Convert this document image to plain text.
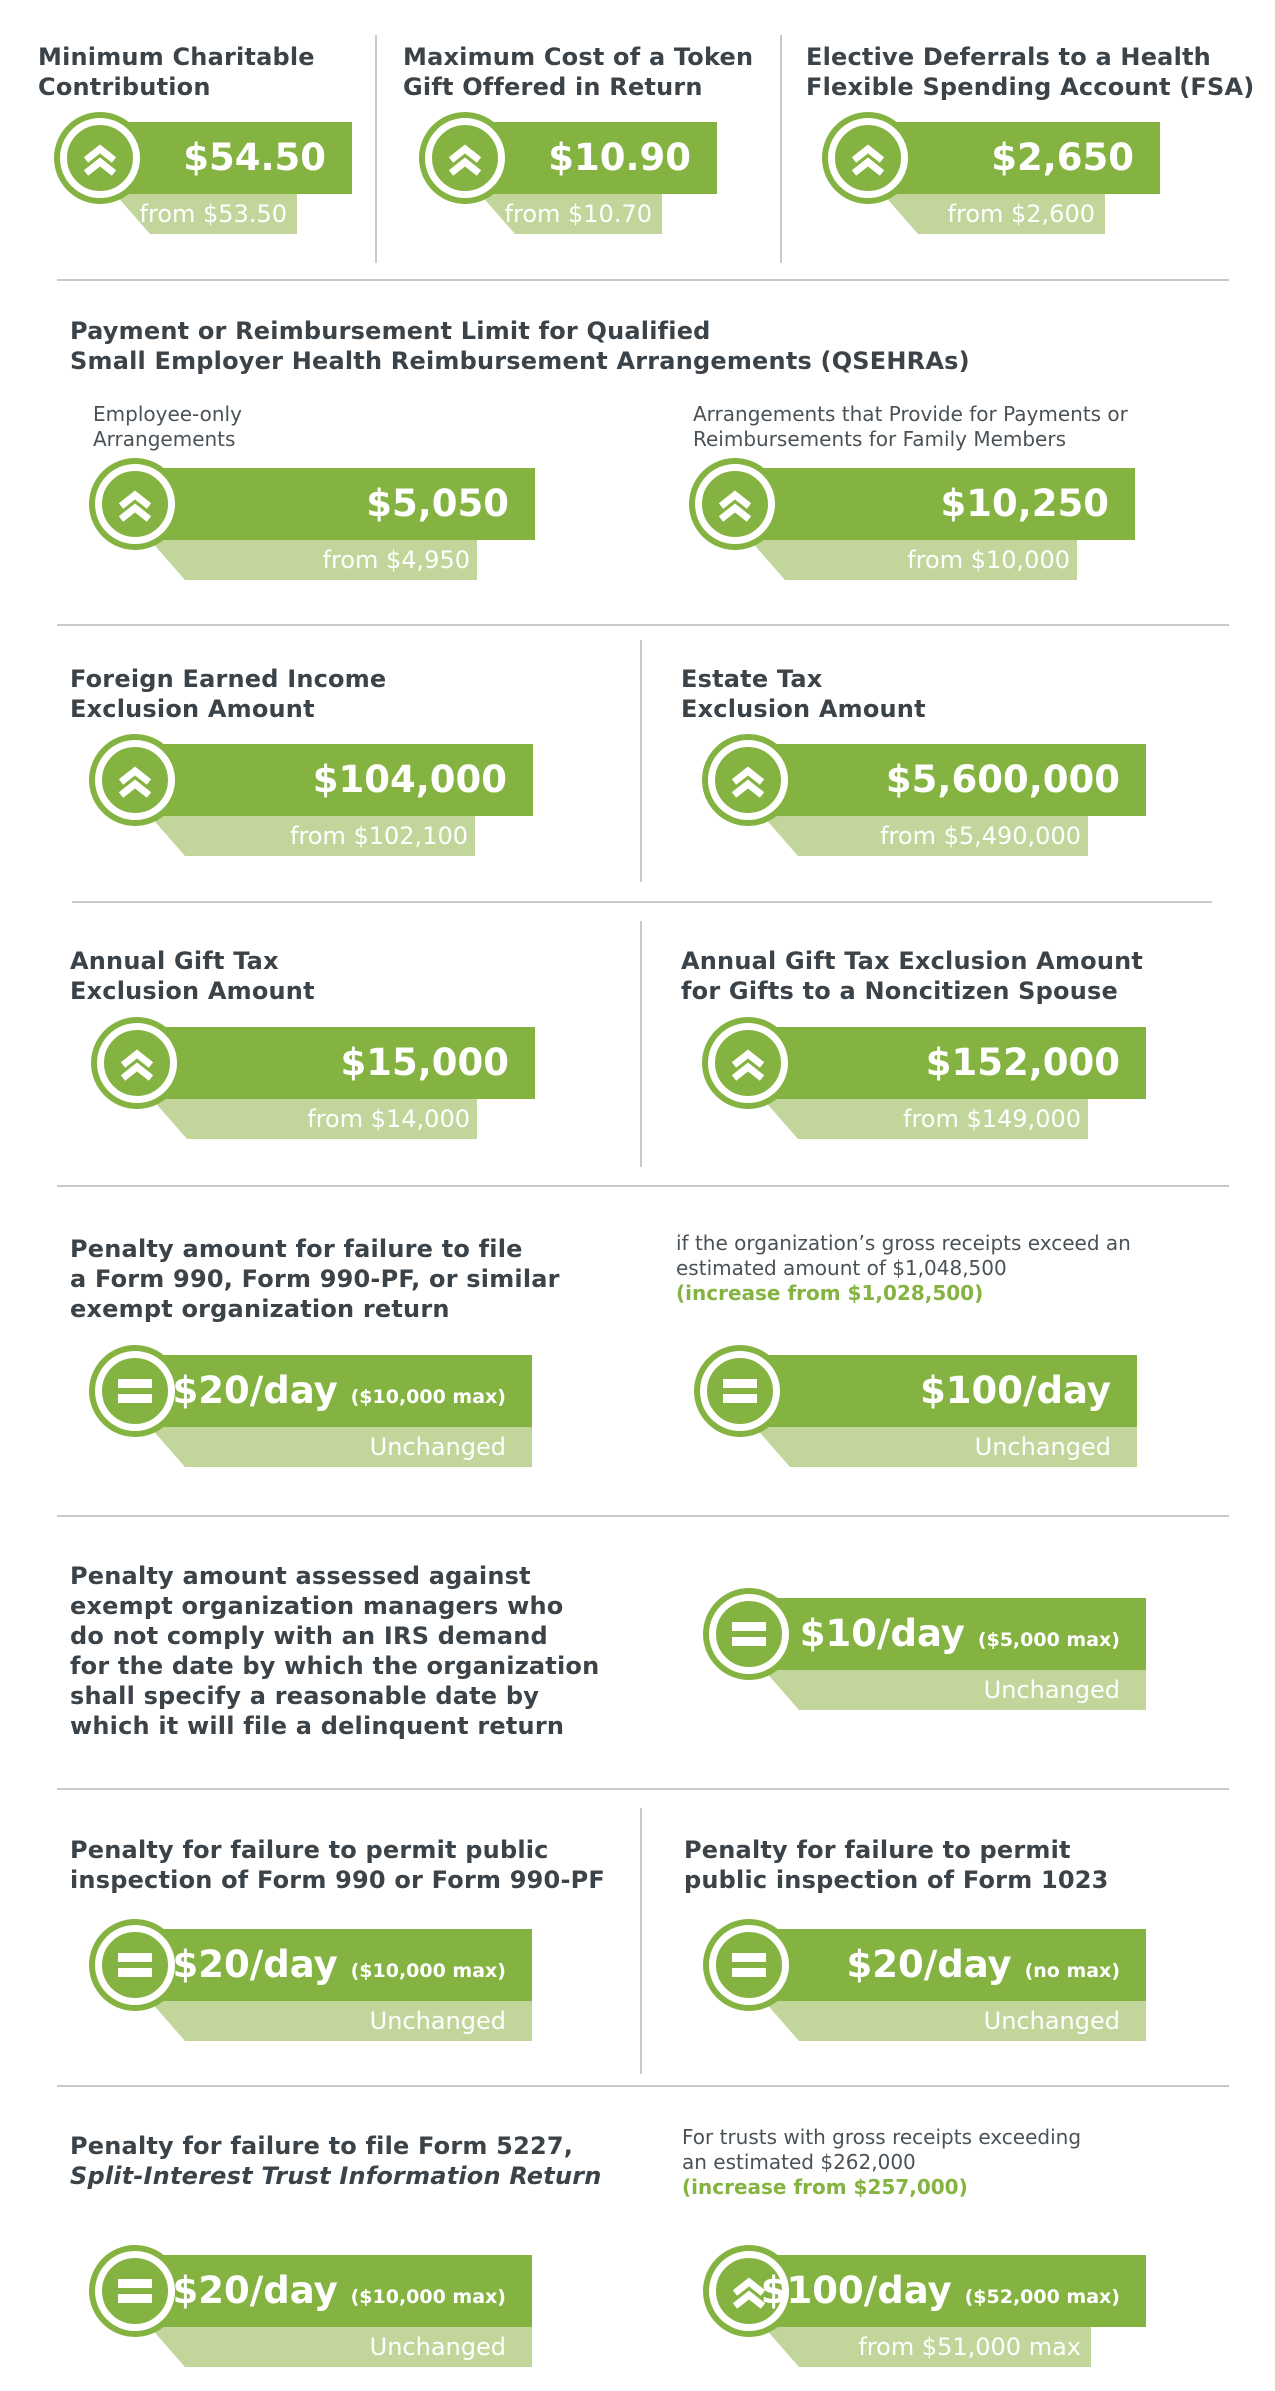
Minimum Charitable
Contribution
$54.50
from $53.50
Maximum Cost of a Token
Gift Offered in Return
$10.90
from $10.70
Elective Deferrals to a Health
Flexible Spending Account (FSA)
$2,650
from $2,600
Payment or Reimbursement Limit for Qualified
Small Employer Health Reimbursement Arrangements (QSEHRAs)
Employee-only
Arrangements
$5,050
from $4,950
Arrangements that Provide for Payments or
Reimbursements for Family Members
$10,250
from $10,000
Foreign Earned Income
Exclusion Amount
$104,000
from $102,100
Estate Tax
Exclusion Amount
$5,600,000
from $5,490,000
Annual Gift Tax
Exclusion Amount
$15,000
from $14,000
Annual Gift Tax Exclusion Amount
for Gifts to a Noncitizen Spouse
$152,000
from $149,000
Penalty amount for failure to file
a Form 990, Form 990-PF, or similar
exempt organization return
$20/day ($10,000 max)
Unchanged
if the organization’s gross receipts exceed an
estimated amount of $1,048,500
(increase from $1,028,500)
$100/day
Unchanged
Penalty amount assessed against
exempt organization managers who
do not comply with an IRS demand
for the date by which the organization
shall specify a reasonable date by
which it will file a delinquent return
$10/day ($5,000 max)
Unchanged
Penalty for failure to permit public
inspection of Form 990 or Form 990-PF
$20/day ($10,000 max)
Unchanged
Penalty for failure to permit
public inspection of Form 1023
$20/day (no max)
Unchanged
Penalty for failure to file Form 5227,
Split-Interest Trust Information Return
$20/day ($10,000 max)
Unchanged
For trusts with gross receipts exceeding
an estimated $262,000
(increase from $257,000)
$100/day ($52,000 max)
from $51,000 max
